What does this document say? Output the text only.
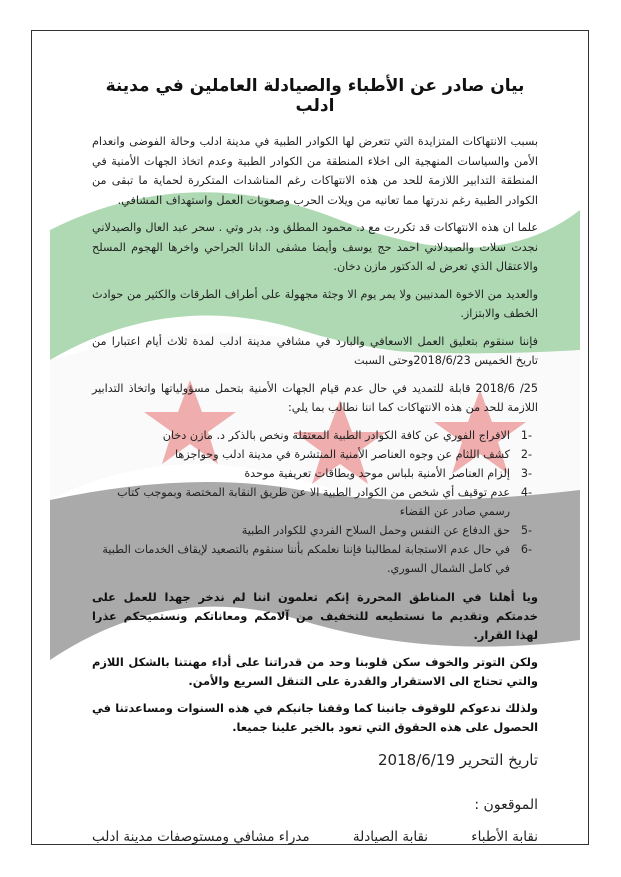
بيان صادر عن الأطباء والصيادلة العاملين في مدينة ادلب

بسبب الانتهاكات المتزايدة التي تتعرض لها الكوادر الطبية في مدينة ادلب وحالة الفوضى وانعدام الأمن والسياسات المنهجية الى اخلاء المنطقة من الكوادر الطبية وعدم اتخاذ الجهات الأمنية في المنطقة التدابير اللازمة للحد من هذه الانتهاكات رغم المناشدات المتكررة لحماية ما تبقى من الكوادر الطبية رغم ندرتها مما تعانيه من ويلات الحرب وصعوبات العمل واستهداف المشافي.

علما ان هذه الانتهاكات قد تكررت مع د. محمود المطلق ود. بدر وتي . سحر عبد العال والصيدلاني نجدت سلات والصيدلاني احمد حج يوسف وأيضا مشفى الدانا الجراحي واخرها الهجوم المسلح والاعتقال الذي تعرض له الدكتور مازن دخان.

والعديد من الاخوة المدنيين ولا يمر يوم الا وجثة مجهولة على أطراف الطرقات والكثير من حوادث الخطف والابتزاز.

فإننا سنقوم بتعليق العمل الاسعافي والبارد في مشافي مدينة ادلب لمدة ثلاث أيام اعتبارا من تاريخ الخميس 2018/6/23وحتى السبت

25/ 2018/6 قابلة للتمديد في حال عدم قيام الجهات الأمنية بتحمل مسؤولياتها واتخاذ التدابير اللازمة للحد من هذه الانتهاكات كما اننا نطالب بما يلي:

-1
الافراج الفوري عن كافة الكوادر الطبية المعتقلة ونخص بالذكر د. مازن دخان
-2
كشف اللثام عن وجوه العناصر الأمنية المنتشرة في مدينة ادلب وحواجزها
-3
إلزام العناصر الأمنية بلباس موحد وبطاقات تعريفية موحدة
-4
عدم توقيف أي شخص من الكوادر الطبية الا عن طريق النقابة المختصة وبموجب كتاب رسمي صادر عن القضاء
-5
حق الدفاع عن النفس وحمل السلاح الفردي للكوادر الطبية
-6
في حال عدم الاستجابة لمطالبنا فإننا نعلمكم بأننا سنقوم بالتصعيد لإيقاف الخدمات الطبية في كامل الشمال السوري.

ويا أهلنا في المناطق المحررة إنكم تعلمون اننا لم ندخر جهدا للعمل على خدمتكم وتقديم ما نستطيعه للتخفيف من آلامكم ومعاناتكم ونستميحكم عذرا لهذا القرار.

ولكن التوتر والخوف سكن قلوبنا وحد من قدراتنا على أداء مهنتنا بالشكل اللازم والتي تحتاج الى الاستقرار والقدرة على التنقل السريع والأمن.

ولذلك ندعوكم للوقوف جانبنا كما وقفنا جانبكم في هذه السنوات ومساعدتنا في الحصول على هذه الحقوق التي تعود بالخير علينا جميعا.

تاريخ التحرير 2018/6/19
الموقعون :
نقابة الأطباء
نقابة الصيادلة
مدراء مشافي ومستوصفات مدينة ادلب
